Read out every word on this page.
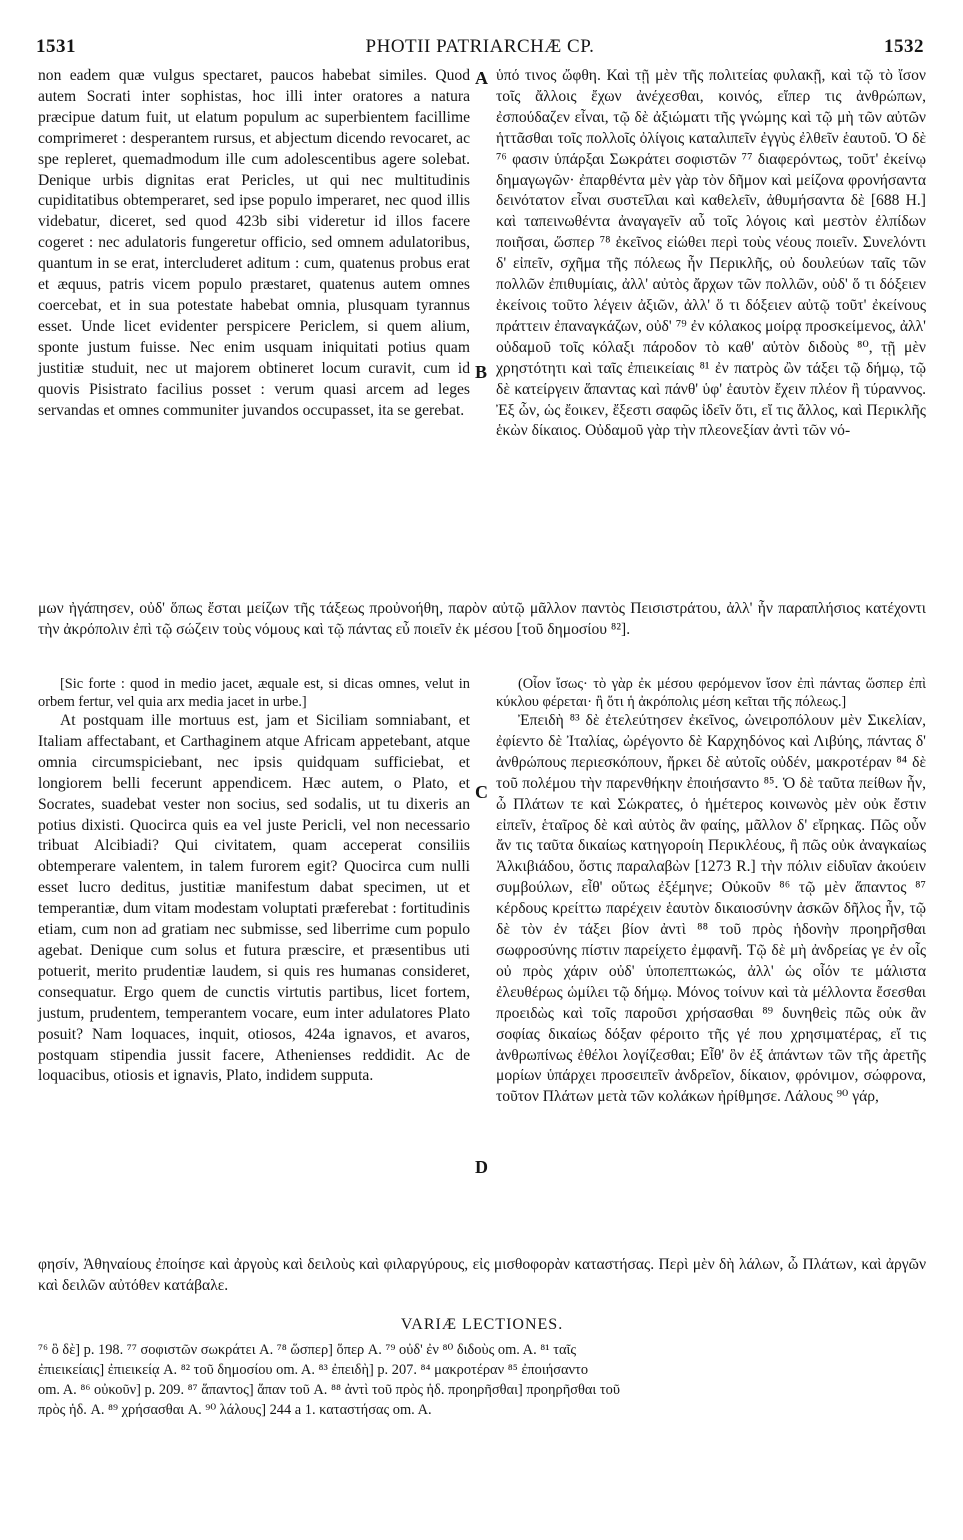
1531	PHOTII PATRIARCHÆ CP.	1532

non eadem quæ vulgus spectaret, paucos habebat similes. Quod autem Socrati inter sophistas, hoc illi inter oratores a natura præcipue datum fuit, ut elatum populum ac superbientem facillime comprimeret : desperantem rursus, et abjectum dicendo revocaret, ac spe repleret, quemadmodum ille cum adolescentibus agere solebat. Denique urbis dignitas erat Pericles, ut qui nec multitudinis cupiditatibus obtemperaret, sed ipse populo imperaret, nec quod illis videbatur, diceret, sed quod 423b sibi videretur id illos facere cogeret : nec adulatoris fungeretur officio, sed omnem adulatoribus, quantum in se erat, intercluderet aditum : cum, quatenus probus erat et æquus, patris vicem populo præstaret, quatenus autem omnes coercebat, et in sua potestate habebat omnia, plusquam tyrannus esset. Unde licet evidenter perspicere Periclem, si quem alium, sponte justum fuisse. Nec enim usquam iniquitati potius quam justitiæ studuit, nec ut majorem obtineret locum curavit, cum id quovis Pisistrato facilius posset : verum quasi arcem ad leges servandas et omnes communiter juvandos occupasset, ita se gerebat.

ὑπό τινος ὤφθη. Καὶ τῇ μὲν τῆς πολιτείας φυλακῇ, καὶ τῷ τὸ ἴσον τοῖς ἄλλοις ἔχων ἀνέχεσθαι, κοινός, εἴπερ τις ἀνθρώπων, ἐσπούδαζεν εἶναι, τῷ δὲ ἀξιώματι τῆς γνώμης καὶ τῷ μὴ τῶν αὐτῶν ἡττᾶσθαι τοῖς πολλοῖς ὀλίγοις καταλιπεῖν ἐγγὺς ἐλθεῖν ἑαυτοῦ. Ὁ δὲ ⁷⁶ φασιν ὑπάρξαι Σωκράτει σοφιστῶν ⁷⁷ διαφερόντως, τοῦτ' ἐκείνῳ δημαγωγῶν· ἐπαρθέντα μὲν γὰρ τὸν δῆμον καὶ μείζονα φρονήσαντα δεινότατον εἶναι συστεῖλαι καὶ καθελεῖν, ἀθυμήσαντα δὲ [688 H.] καὶ ταπεινωθέντα ἀναγαγεῖν αὖ τοῖς λόγοις καὶ μεστὸν ἐλπίδων ποιῆσαι, ὥσπερ ⁷⁸ ἐκεῖνος εἰώθει περὶ τοὺς νέους ποιεῖν. Συνελόντι δ' εἰπεῖν, σχῆμα τῆς πόλεως ἦν Περικλῆς, οὐ δουλεύων ταῖς τῶν πολλῶν ἐπιθυμίαις, ἀλλ' αὐτὸς ἄρχων τῶν πολλῶν, οὐδ' ὅ τι δόξειεν ἐκείνοις τοῦτο λέγειν ἀξιῶν, ἀλλ' ὅ τι δόξειεν αὐτῷ τοῦτ' ἐκείνους πράττειν ἐπαναγκάζων, οὐδ' ⁷⁹ ἐν κόλακος μοίρᾳ προσκείμενος, ἀλλ' οὐδαμοῦ τοῖς κόλαξι πάροδον τὸ καθ' αὑτὸν διδοὺς ⁸⁰, τῇ μὲν χρηστότητι καὶ ταῖς ἐπιεικείαις ⁸¹ ἐν πατρὸς ὢν τάξει τῷ δήμῳ, τῷ δὲ κατείργειν ἅπαντας καὶ πάνθ' ὑφ' ἑαυτὸν ἔχειν πλέον ἢ τύραννος. Ἐξ ὧν, ὡς ἔοικεν, ἔξεστι σαφῶς ἰδεῖν ὅτι, εἴ τις ἄλλος, καὶ Περικλῆς ἑκὼν δίκαιος. Οὐδαμοῦ γὰρ τὴν πλεονεξίαν ἀντὶ τῶν νό-

μων ἠγάπησεν, οὐδ' ὅπως ἔσται μείζων τῆς τάξεως προὐνοήθη, παρὸν αὐτῷ μᾶλλον παντὸς Πεισιστράτου, ἀλλ' ἦν παραπλήσιος κατέχοντι τὴν ἀκρόπολιν ἐπὶ τῷ σώζειν τοὺς νόμους καὶ τῷ πάντας εὖ ποιεῖν ἐκ μέσου [τοῦ δημοσίου ⁸²].

[Sic forte : quod in medio jacet, æquale est, si dicas omnes, velut in orbem fertur, vel quia arx media jacet in urbe.]

At postquam ille mortuus est, jam et Siciliam somniabant, et Italiam affectabant, et Carthaginem atque Africam appetebant, atque omnia circumspiciebant, nec ipsis quidquam sufficiebat, et longiorem belli fecerunt appendicem. Hæc autem, o Plato, et Socrates, suadebat vester non socius, sed sodalis, ut tu dixeris an potius dixisti. Quocirca quis ea vel juste Pericli, vel non necessario tribuat Alcibiadi? Qui civitatem, quam acceperat consiliis obtemperare valentem, in talem furorem egit? Quocirca cum nulli esset lucro deditus, justitiæ manifestum dabat specimen, ut et temperantiæ, dum vitam modestam voluptati præferebat : fortitudinis etiam, cum non ad gratiam nec submisse, sed liberrime cum populo agebat. Denique cum solus et futura præscire, et præsentibus uti potuerit, merito prudentiæ laudem, si quis res humanas consideret, consequatur. Ergo quem de cunctis virtutis partibus, licet fortem, justum, prudentem, temperantem vocare, eum inter adulatores Plato posuit? Nam loquaces, inquit, otiosos, 424a ignavos, et avaros, postquam stipendia jussit facere, Athenienses reddidit. Ac de loquacibus, otiosis et ignavis, Plato, indidem supputa.

(Οἷον ἴσως· τὸ γὰρ ἐκ μέσου φερόμενον ἴσον ἐπὶ πάντας ὥσπερ ἐπὶ κύκλου φέρεται· ἢ ὅτι ἡ ἀκρόπολις μέση κεῖται τῆς πόλεως.]

Ἐπειδὴ ⁸³ δὲ ἐτελεύτησεν ἐκεῖνος, ὠνειροπόλουν μὲν Σικελίαν, ἐφίεντο δὲ Ἰταλίας, ὠρέγοντο δὲ Καρχηδόνος καὶ Λιβύης, πάντας δ' ἀνθρώπους περιεσκόπουν, ἤρκει δὲ αὐτοῖς οὐδέν, μακροτέραν ⁸⁴ δὲ τοῦ πολέμου τὴν παρενθήκην ἐποιήσαντο ⁸⁵. Ὁ δὲ ταῦτα πείθων ἦν, ὦ Πλάτων τε καὶ Σώκρατες, ὁ ἡμέτερος κοινωνὸς μὲν οὐκ ἔστιν εἰπεῖν, ἑταῖρος δὲ καὶ αὐτὸς ἂν φαίης, μᾶλλον δ' εἴρηκας. Πῶς οὖν ἄν τις ταῦτα δικαίως κατηγοροίη Περικλέους, ἢ πῶς οὐκ ἀναγκαίως Ἀλκιβιάδου, ὅστις παραλαβὼν [1273 R.] τὴν πόλιν εἰδυῖαν ἀκούειν συμβούλων, εἶθ' οὕτως ἐξέμηνε; Οὐκοῦν ⁸⁶ τῷ μὲν ἅπαντος ⁸⁷ κέρδους κρείττω παρέχειν ἑαυτὸν δικαιοσύνην ἀσκῶν δῆλος ἦν, τῷ δὲ τὸν ἐν τάξει βίον ἀντὶ ⁸⁸ τοῦ πρὸς ἡδονὴν προηρῆσθαι σωφροσύνης πίστιν παρείχετο ἐμφανῆ. Τῷ δὲ μὴ ἀνδρείας γε ἐν οἷς οὐ πρὸς χάριν οὐδ' ὑποπεπτωκώς, ἀλλ' ὡς οἷόν τε μάλιστα ἐλευθέρως ὡμίλει τῷ δήμῳ. Μόνος τοίνυν καὶ τὰ μέλλοντα ἔσεσθαι προειδὼς καὶ τοῖς παροῦσι χρήσασθαι ⁸⁹ δυνηθεὶς πῶς οὐκ ἂν σοφίας δικαίως δόξαν φέροιτο τῆς γέ που χρησιματέρας, εἴ τις ἀνθρωπίνως ἐθέλοι λογίζεσθαι; Εἶθ' ὃν ἐξ ἁπάντων τῶν τῆς ἀρετῆς μορίων ὑπάρχει προσειπεῖν ἀνδρεῖον, δίκαιον, φρόνιμον, σώφρονα, τοῦτον Πλάτων μετὰ τῶν κολάκων ἠρίθμησε. Λάλους ⁹⁰ γάρ,

φησίν, Ἀθηναίους ἐποίησε καὶ ἀργοὺς καὶ δειλοὺς καὶ φιλαργύρους, εἰς μισθοφορὰν καταστήσας. Περὶ μὲν δὴ λάλων, ὦ Πλάτων, καὶ ἀργῶν καὶ δειλῶν αὐτόθεν κατάβαλε.
A
B
C
D
VARIÆ LECTIONES.

⁷⁶ ὃ δὲ] p. 198. ⁷⁷ σοφιστῶν σωκράτει A. ⁷⁸ ὥσπερ] ὅπερ A. ⁷⁹ οὐδ' ἐν ⁸⁰ διδοὺς om. A. ⁸¹ ταῖς

ἐπιεικείαις] ἐπιεικείᾳ A. ⁸² τοῦ δημοσίου om. A. ⁸³ ἐπειδὴ] p. 207. ⁸⁴ μακροτέραν ⁸⁵ ἐποιήσαντο

om. A. ⁸⁶ οὐκοῦν] p. 209. ⁸⁷ ἅπαντος] ἅπαν τοῦ A. ⁸⁸ ἀντὶ τοῦ πρὸς ἡδ. προηρῆσθαι] προηρῆσθαι τοῦ

πρὸς ἡδ. A. ⁸⁹ χρήσασθαι A. ⁹⁰ λάλους] 244 a 1. καταστήσας om. A.
